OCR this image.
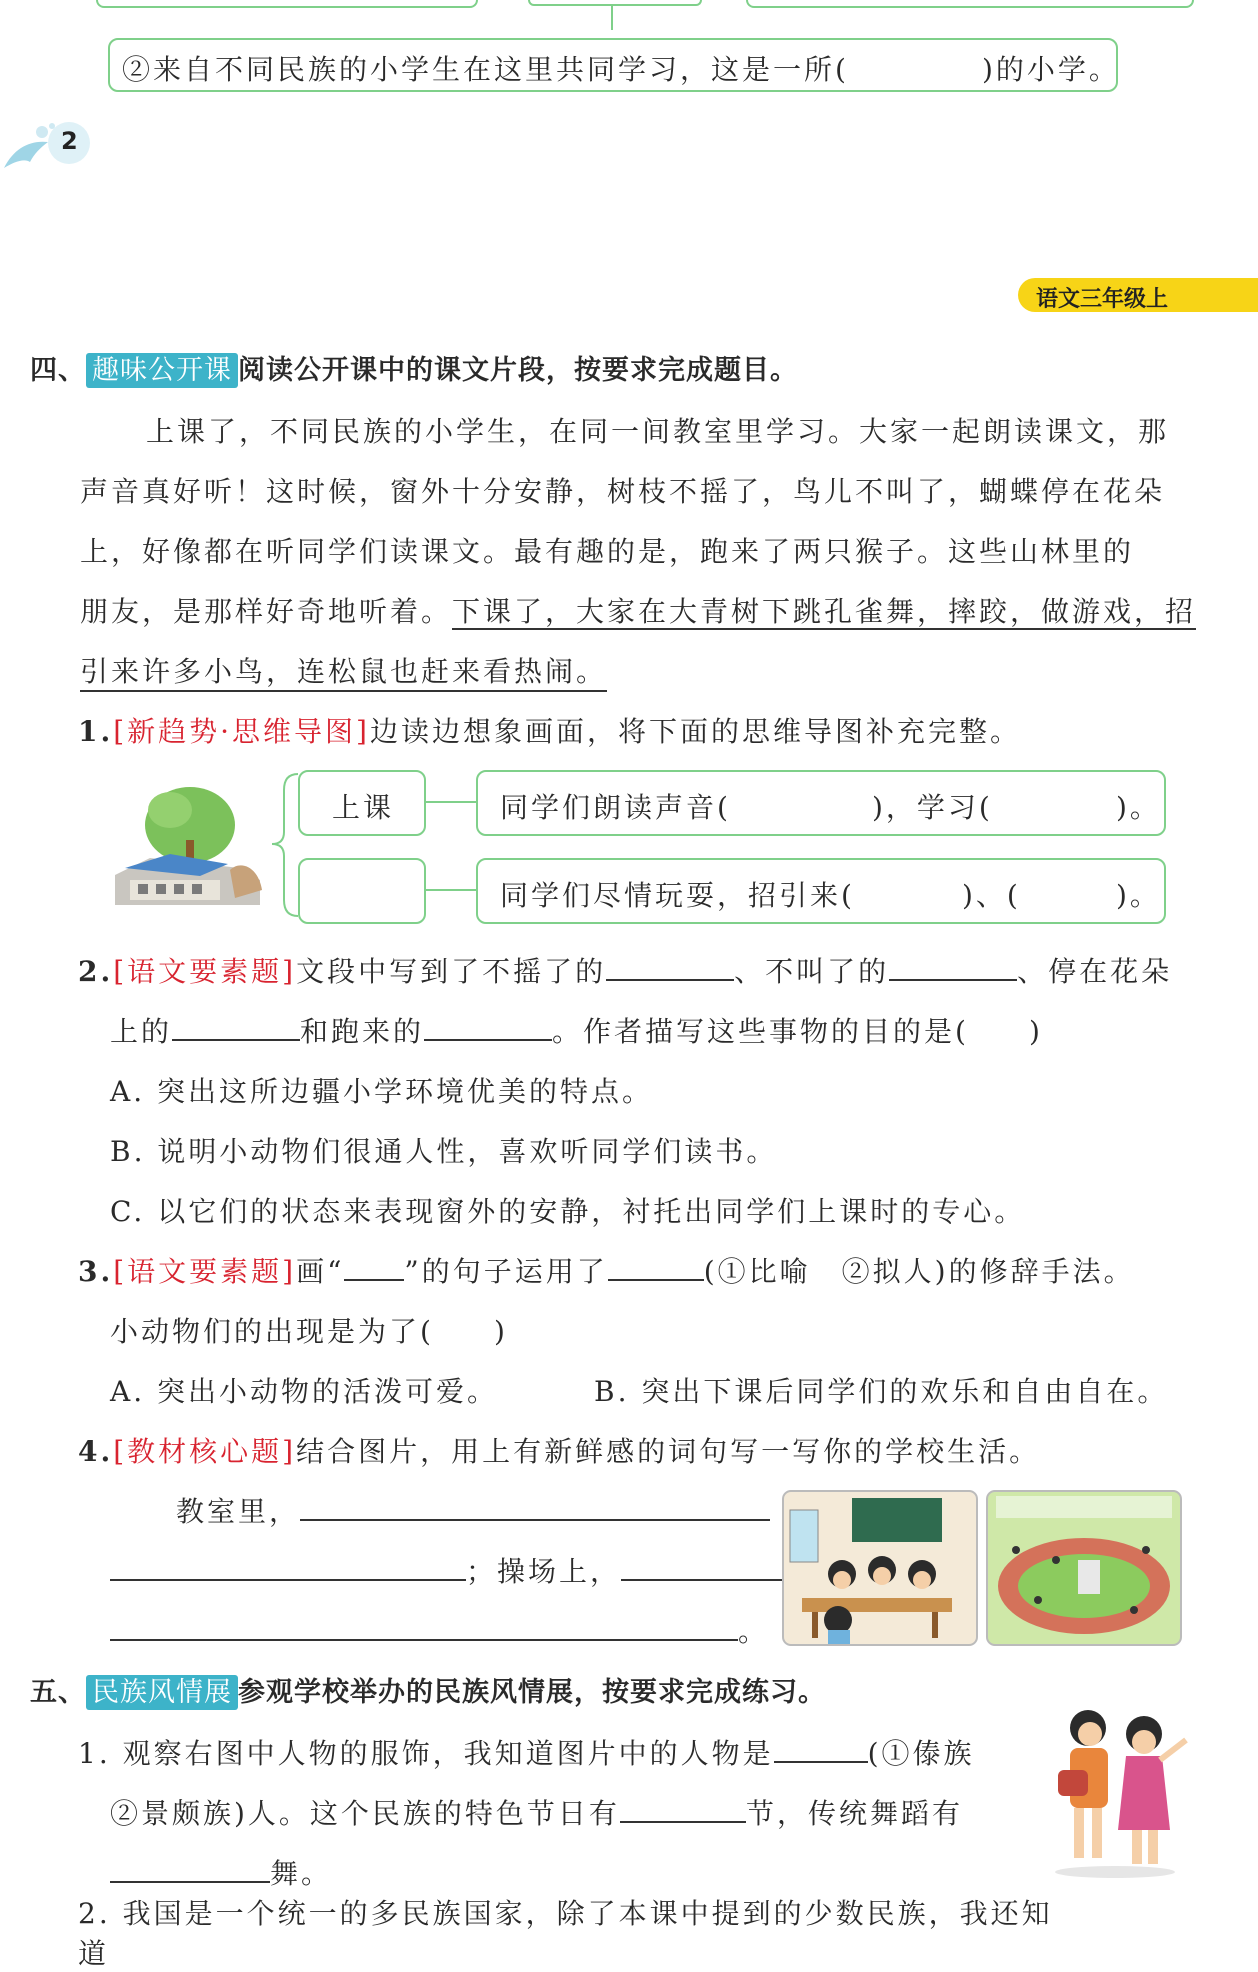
②来自不同民族的小学生在这里共同学习，这是一所(	)的小学。
2
语文三年级上
四、 趣味公开课 阅读公开课中的课文片段，按要求完成题目。
上课了，不同民族的小学生，在同一间教室里学习。大家一起朗读课文，那
声音真好听！这时候，窗外十分安静，树枝不摇了，鸟儿不叫了，蝴蝶停在花朵
上，好像都在听同学们读课文。最有趣的是，跑来了两只猴子。这些山林里的
朋友，是那样好奇地听着。下课了，大家在大青树下跳孔雀舞，摔跤，做游戏，招
引来许多小鸟，连松鼠也赶来看热闹。
1.[新趋势·思维导图]边读边想象画面，将下面的思维导图补充完整。
上课	同学们朗读声音(	)，学习(	)。
同学们尽情玩耍，招引来(	)、(	)。
2.[语文要素题]文段中写到了不摇了的	、不叫了的	、停在花朵
上的	和跑来的	。作者描写这些事物的目的是( )
A. 突出这所边疆小学环境优美的特点。
B. 说明小动物们很通人性，喜欢听同学们读书。
C. 以它们的状态来表现窗外的安静，衬托出同学们上课时的专心。
3.[语文要素题]画“ ”的句子运用了	(①比喻　②拟人)的修辞手法。
小动物们的出现是为了( )
A. 突出小动物的活泼可爱。	B. 突出下课后同学们的欢乐和自由自在。
4.[教材核心题]结合图片，用上有新鲜感的词句写一写你的学校生活。
教室里，
；操场上，
。
五、 民族风情展 参观学校举办的民族风情展，按要求完成练习。
1. 观察右图中人物的服饰，我知道图片中的人物是	(①傣族
②景颇族)人。这个民族的特色节日有	节，传统舞蹈有
舞。
2. 我国是一个统一的多民族国家，除了本课中提到的少数民族，我还知道
